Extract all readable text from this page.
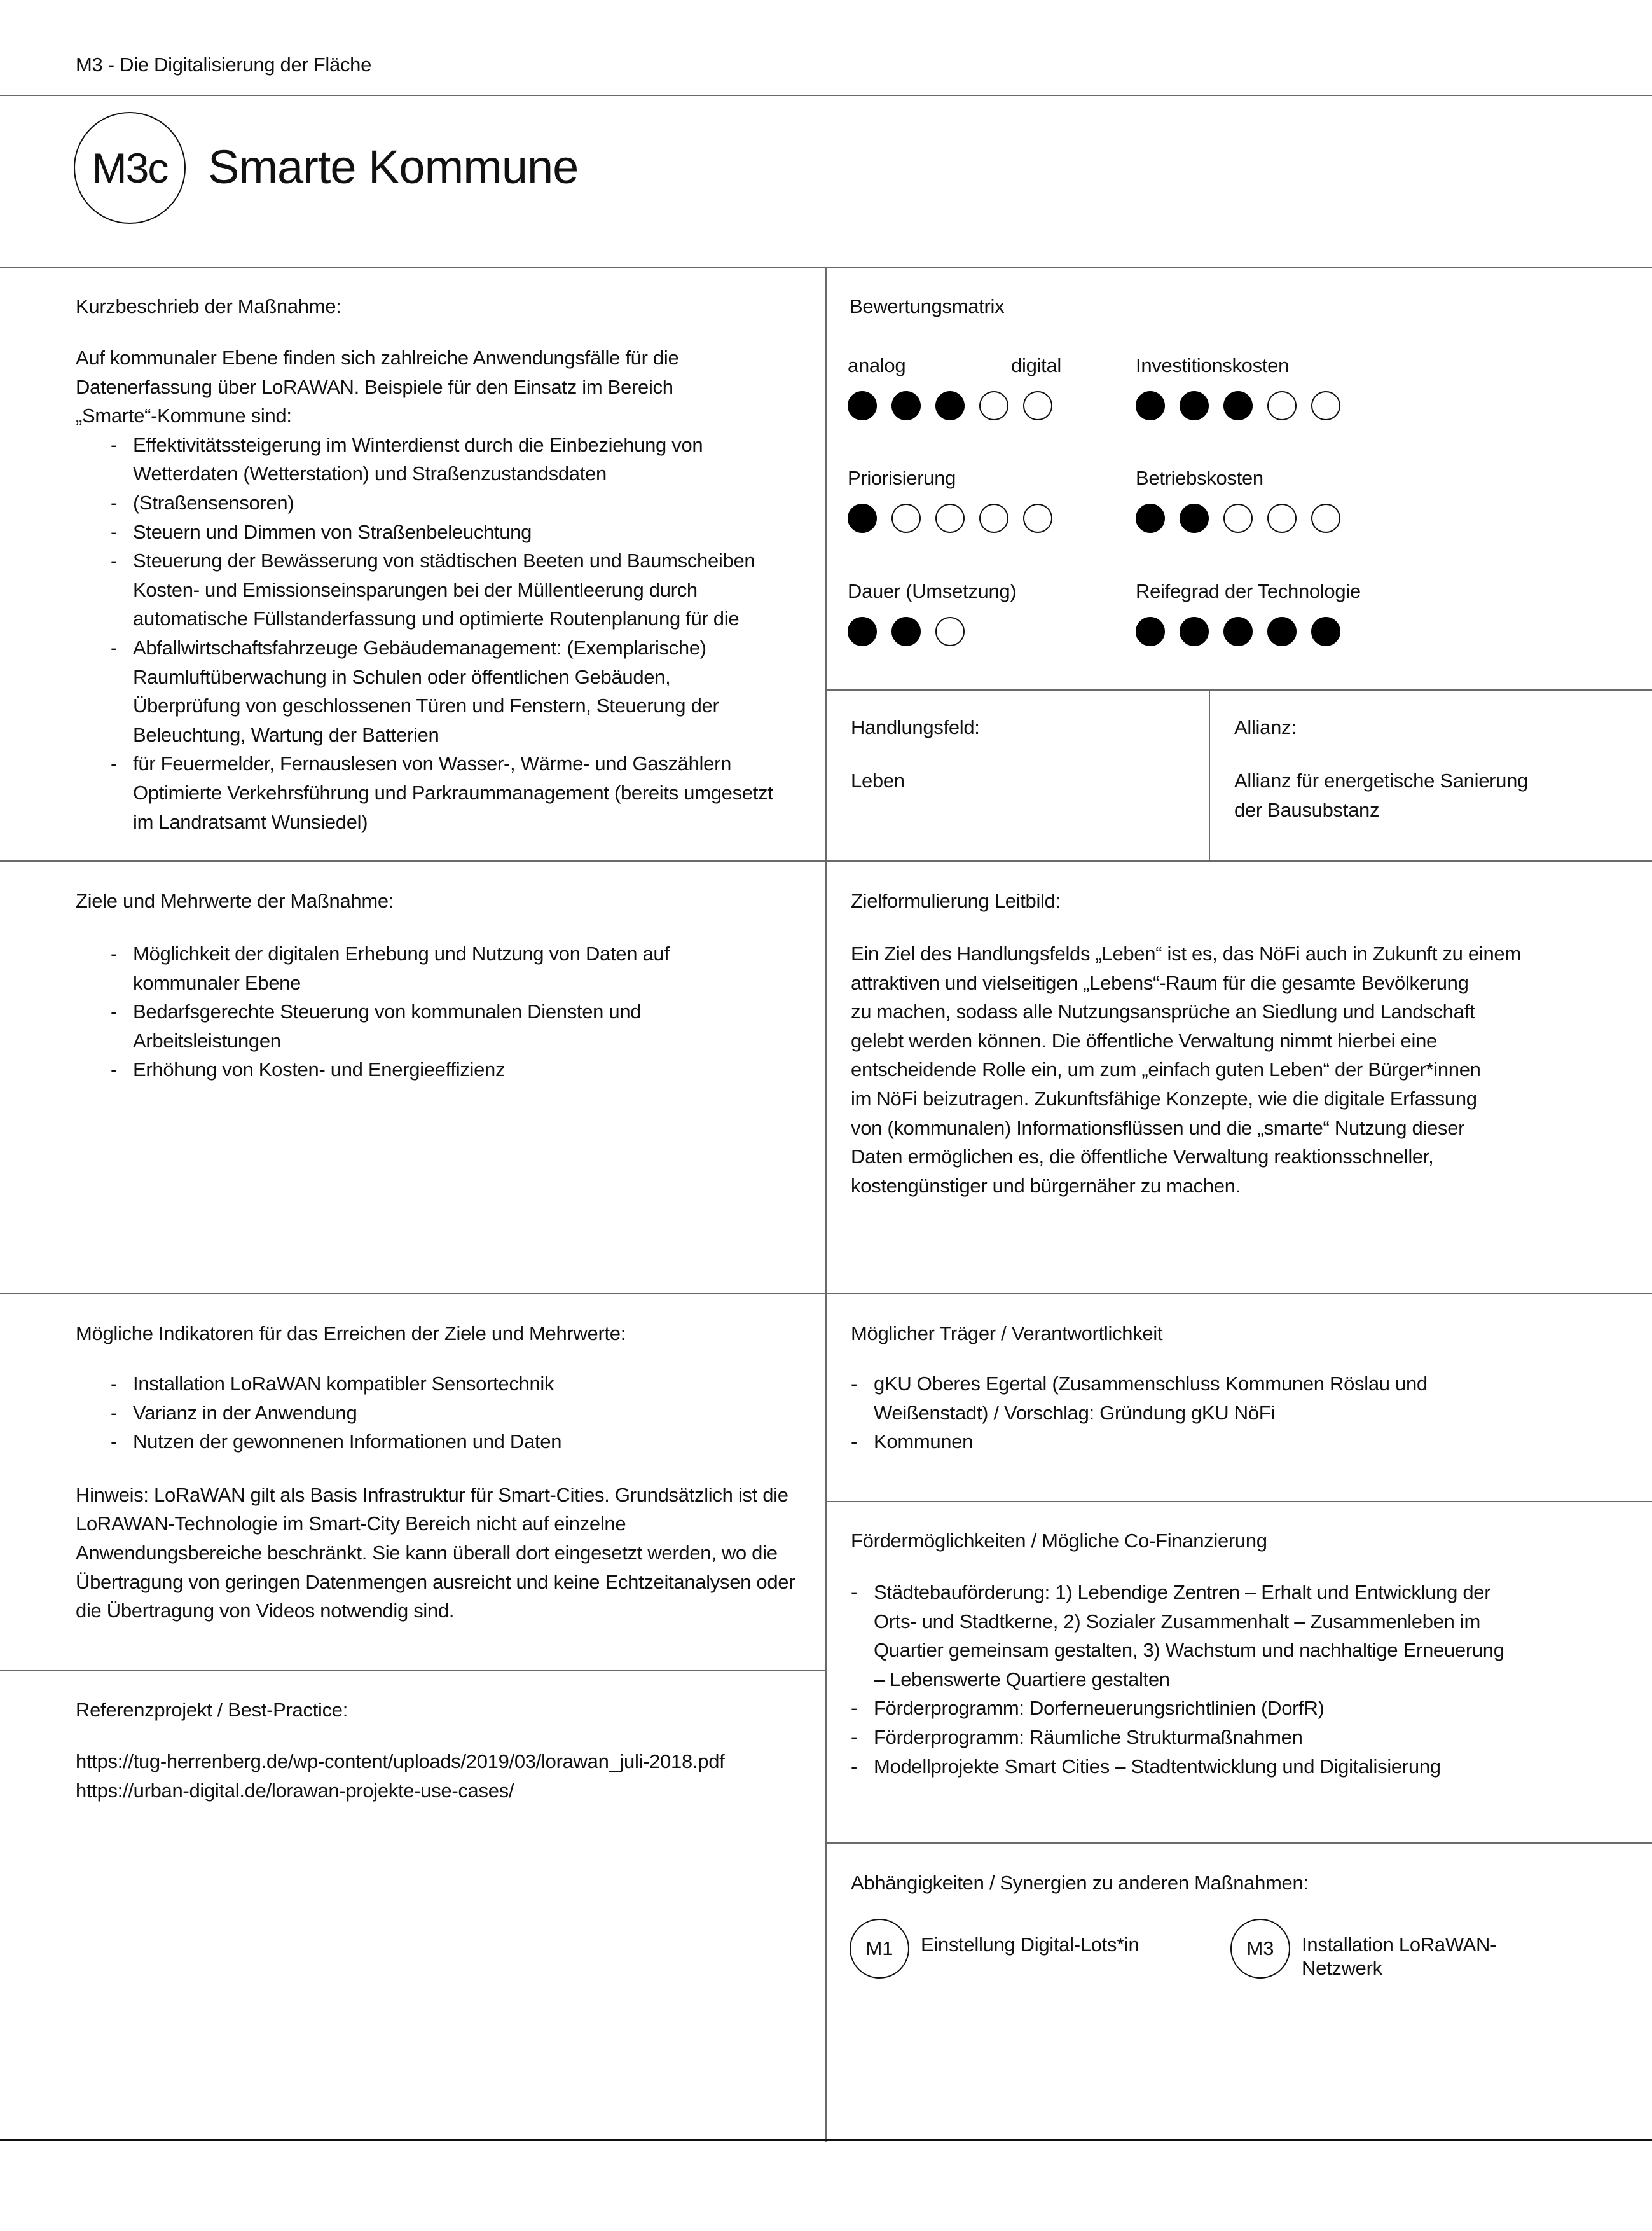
M3 - Die Digitalisierung der Fläche
M3c Smarte Kommune
Kurzbeschrieb der Maßnahme:
Auf kommunaler Ebene finden sich zahlreiche Anwendungsfälle für die Datenerfassung über LoRAWAN. Beispiele für den Einsatz im Bereich „Smarte“-Kommune sind:
- Effektivitätssteigerung im Winterdienst durch die Einbeziehung von Wetterdaten (Wetterstation) und Straßenzustandsdaten
- (Straßensensoren)
- Steuern und Dimmen von Straßenbeleuchtung
- Steuerung der Bewässerung von städtischen Beeten und Baumscheiben Kosten- und Emissionseinsparungen bei der Müllentleerung durch automatische Füllstanderfassung und optimierte Routenplanung für die
- Abfallwirtschaftsfahrzeuge Gebäudemanagement: (Exemplarische) Raumluftüberwachung in Schulen oder öffentlichen Gebäuden, Überprüfung von geschlossenen Türen und Fenstern, Steuerung der Beleuchtung, Wartung der Batterien
- für Feuermelder, Fernauslesen von Wasser-, Wärme- und Gaszählern Optimierte Verkehrsführung und Parkraummanagement (bereits umgesetzt im Landratsamt Wunsiedel)
Bewertungsmatrix
analog	digital	Investitionskosten
Priorisierung	Betriebskosten
Dauer (Umsetzung)	Reifegrad der Technologie
Handlungsfeld:
Leben
Allianz:
Allianz für energetische Sanierung
der Bausubstanz
Ziele und Mehrwerte der Maßnahme:
- Möglichkeit der digitalen Erhebung und Nutzung von Daten auf kommunaler Ebene
- Bedarfsgerechte Steuerung von kommunalen Diensten und Arbeitsleistungen
- Erhöhung von Kosten- und Energieeffizienz
Zielformulierung Leitbild:
Ein Ziel des Handlungsfelds „Leben“ ist es, das NöFi auch in Zukunft zu einem
attraktiven und vielseitigen „Lebens“-Raum für die gesamte Bevölkerung
zu machen, sodass alle Nutzungsansprüche an Siedlung und Landschaft
gelebt werden können. Die öffentliche Verwaltung nimmt hierbei eine
entscheidende Rolle ein, um zum „einfach guten Leben“ der Bürger*innen
im NöFi beizutragen. Zukunftsfähige Konzepte, wie die digitale Erfassung
von (kommunalen) Informationsflüssen und die „smarte“ Nutzung dieser
Daten ermöglichen es, die öffentliche Verwaltung reaktionsschneller,
kostengünstiger und bürgernäher zu machen.
Mögliche Indikatoren für das Erreichen der Ziele und Mehrwerte:
- Installation LoRaWAN kompatibler Sensortechnik
- Varianz in der Anwendung
- Nutzen der gewonnenen Informationen und Daten
Hinweis: LoRaWAN gilt als Basis Infrastruktur für Smart-Cities. Grundsätzlich ist die LoRAWAN-Technologie im Smart-City Bereich nicht auf einzelne Anwendungsbereiche beschränkt. Sie kann überall dort eingesetzt werden, wo die Übertragung von geringen Datenmengen ausreicht und keine Echtzeitanalysen oder die Übertragung von Videos notwendig sind.
Referenzprojekt / Best-Practice:
https://tug-herrenberg.de/wp-content/uploads/2019/03/lorawan_juli-2018.pdf
https://urban-digital.de/lorawan-projekte-use-cases/
Möglicher Träger / Verantwortlichkeit
- gKU Oberes Egertal (Zusammenschluss Kommunen Röslau und Weißenstadt) / Vorschlag: Gründung gKU NöFi
- Kommunen
Fördermöglichkeiten / Mögliche Co-Finanzierung
- Städtebauförderung: 1) Lebendige Zentren – Erhalt und Entwicklung der Orts- und Stadtkerne, 2) Sozialer Zusammenhalt – Zusammenleben im Quartier gemeinsam gestalten, 3) Wachstum und nachhaltige Erneuerung – Lebenswerte Quartiere gestalten
- Förderprogramm: Dorferneuerungsrichtlinien (DorfR)
- Förderprogramm: Räumliche Strukturmaßnahmen
- Modellprojekte Smart Cities – Stadtentwicklung und Digitalisierung
Abhängigkeiten / Synergien zu anderen Maßnahmen:
M1	Einstellung Digital-Lots*in	M3	Installation LoRaWAN-Netzwerk
